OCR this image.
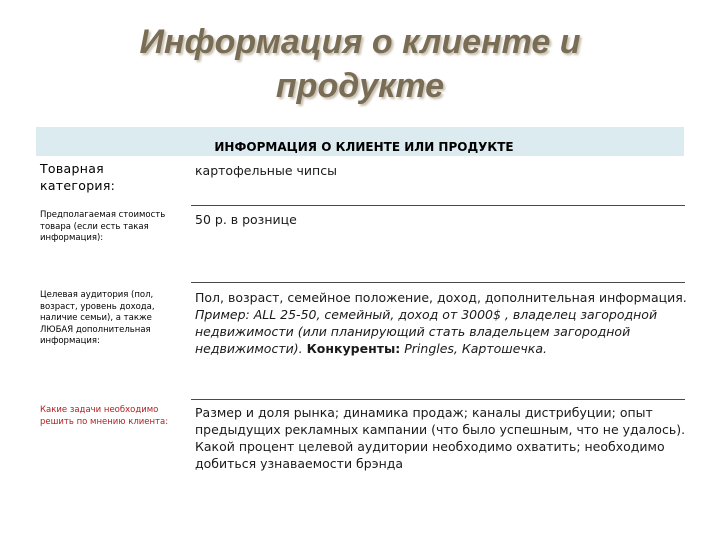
Информация о клиенте и
продукте
ИНФОРМАЦИЯ О КЛИЕНТЕ ИЛИ ПРОДУКТЕ
Товарная категория:
картофельные чипсы
Предполагаемая стоимость товара (если есть такая информация):
50 р. в рознице
Целевая аудитория (пол, возраст, уровень дохода, наличие семьи), а также ЛЮБАЯ дополнительная информация:
Пол, возраст, семейное положение, доход, дополнительная информация.
Пример: ALL 25-50, семейный, доход от 3000$ , владелец загородной недвижимости (или планирующий стать владельцем загородной недвижимости). Конкуренты: Pringles, Картошечка.
Какие задачи необходимо решить по мнению клиента:
Размер и доля рынка; динамика продаж; каналы дистрибуции; опыт предыдущих рекламных кампании (что было успешным, что не удалось). Какой процент целевой аудитории необходимо охватить; необходимо добиться узнаваемости брэнда
